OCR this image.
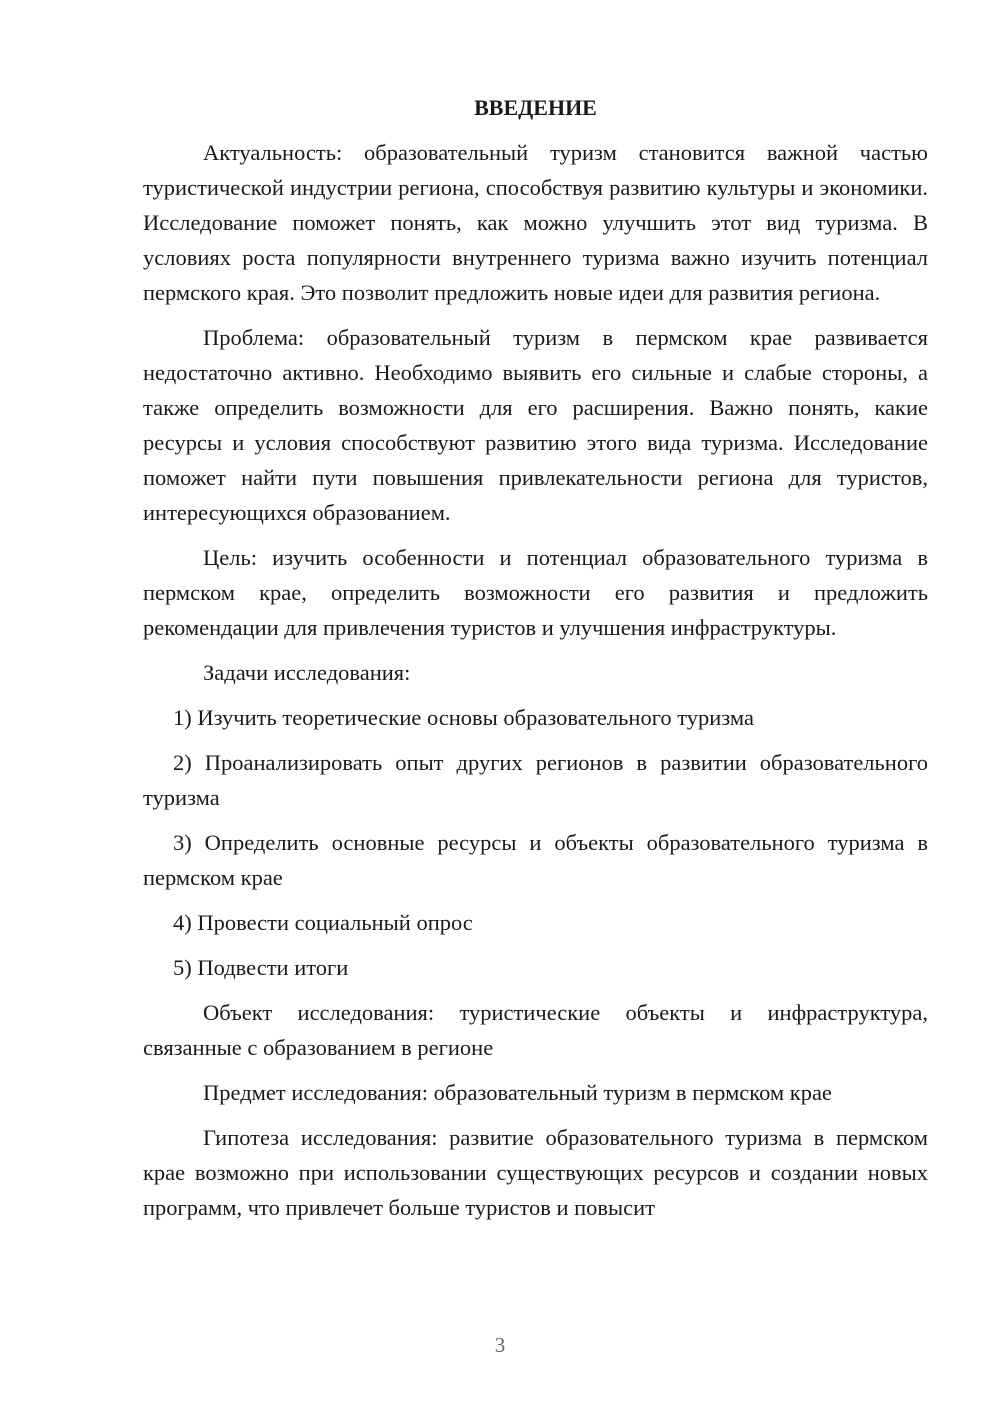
ВВЕДЕНИЕ

Актуальность: образовательный туризм становится важной частью туристической индустрии региона, способствуя развитию культуры и экономики. Исследование поможет понять, как можно улучшить этот вид туризма. В условиях роста популярности внутреннего туризма важно изучить потенциал пермского края. Это позволит предложить новые идеи для развития региона.

Проблема: образовательный туризм в пермском крае развивается недостаточно активно. Необходимо выявить его сильные и слабые стороны, а также определить возможности для его расширения. Важно понять, какие ресурсы и условия способствуют развитию этого вида туризма. Исследование поможет найти пути повышения привлекательности региона для туристов, интересующихся образованием.

Цель: изучить особенности и потенциал образовательного туризма в пермском крае, определить возможности его развития и предложить рекомендации для привлечения туристов и улучшения инфраструктуры.

Задачи исследования:

1) Изучить теоретические основы образовательного туризма

2) Проанализировать опыт других регионов в развитии образовательного туризма

3) Определить основные ресурсы и объекты образовательного туризма в пермском крае

4) Провести социальный опрос

5) Подвести итоги

Объект исследования: туристические объекты и инфраструктура, связанные с образованием в регионе

Предмет исследования: образовательный туризм в пермском крае

Гипотеза исследования: развитие образовательного туризма в пермском крае возможно при использовании существующих ресурсов и создании новых программ, что привлечет больше туристов и повысит

3
